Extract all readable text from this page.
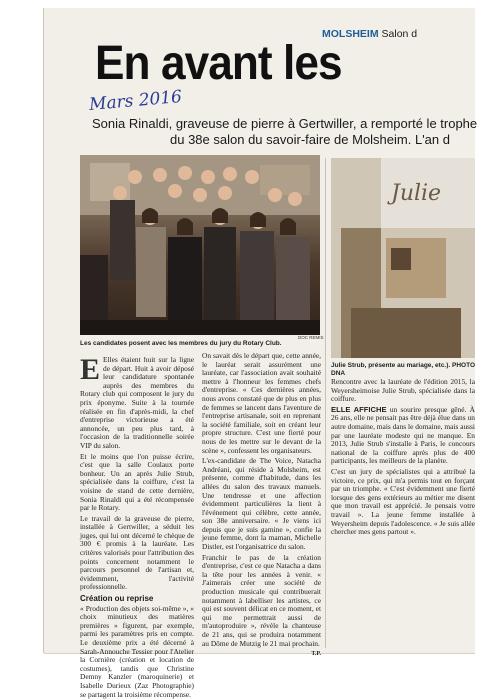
MOLSHEIM Salon d
En avant les
Mars 2016
Sonia Rinaldi, graveuse de pierre à Gertwiller, a remporté le trophe
du 38e salon du savoir-faire de Molsheim. L'an d
DOC REMIS
Les candidates posent avec les membres du jury du Rotary Club.
Julie
Julie Strub, présente au mariage, etc.). PHOTO DNA

E Elles étaient huit sur la ligne de départ. Huit à avoir déposé leur candidature spontanée auprès des membres du Rotary club qui composent le jury du prix éponyme. Suite à la tournée réalisée en fin d'après-midi, la chef d'entreprise victorieuse a été annoncée, un peu plus tard, à l'occasion de la traditionnelle soirée VIP du salon.

Et le moins que l'on puisse écrire, c'est que la salle Coulaux porte bonheur. Un an après Julie Strub, spécialisée dans la coiffure, c'est la voisine de stand de cette dernière, Sonia Rinaldi qui a été récompensée par le Rotary.

Le travail de la graveuse de pierre, installée à Gertwiller, a séduit les juges, qui lui ont décerné le chèque de 300 € promis à la lauréate. Les critères valorisés pour l'attribution des points concernent notamment le parcours personnel de l'artisan et, évidemment, l'activité professionnelle.

Création ou reprise

« Production des objets soi-même », « choix minutieux des matières premières » figurent, par exemple, parmi les paramètres pris en compte. Le deuxième prix a été décerné à Sarah-Annouche Tessier pour l'Atelier la Cornière (création et location de costumes), tandis que Christine Demny Kanzler (maroquinerie) et Isabelle Durieux (Zaz Photographie) se partagent la troisième récompense.

On savait dès le départ que, cette année, le lauréat serait assurément une lauréate, car l'association avait souhaité mettre à l'honneur les femmes chefs d'entreprise. « Ces dernières années, nous avons constaté que de plus en plus de femmes se lancent dans l'aventure de l'entreprise artisanale, soit en reprenant la société familiale, soit en créant leur propre structure. C'est une fierté pour nous de les mettre sur le devant de la scène », confessent les organisateurs.

L'ex-candidate de The Voice, Natacha Andréani, qui réside à Molsheim, est présente, comme d'habitude, dans les allées du salon des travaux manuels. Une tendresse et une affection évidemment particulières la lient à l'événement qui célèbre, cette année, son 38e anniversaire. « Je viens ici depuis que je suis gamine », confie la jeune femme, dont la maman, Michelle Distler, est l'organisatrice du salon.

Franchir le pas de la création d'entreprise, c'est ce que Natacha a dans la tête pour les années à venir. « J'aimerais créer une société de production musicale qui contribuerait notamment à labelliser les artistes, ce qui est souvent délicat en ce moment, et qui me permettrait aussi de m'autoproduire », révèle la chanteuse de 21 ans, qui se produira notamment au Dôme de Mutzig le 21 mai prochain.

T.P.

Rencontre avec la lauréate de l'édition 2015, la Weyersheimoise Julie Strub, spécialisée dans la coiffure.

ELLE AFFICHE un sourire presque gêné. À 26 ans, elle ne pensait pas être déjà élue dans un autre domaine, mais dans le domaine, mais aussi par une lauréate modeste qui ne manque. En 2013, Julie Strub s'installe à Paris, le concours national de la coiffure après plus de 400 participants, les meilleurs de la planète.

C'est un jury de spécialistes qui a attribué la victoire, ce prix, qui m'a permis tout en forçant par un triomphe. « C'est évidemment une fierté lorsque des gens extérieurs au métier me disent que mon travail est apprécié. Je pensais votre travail ». La jeune femme installée à Weyersheim depuis l'adolescence. « Je suis allée chercher mes gens partout ».
